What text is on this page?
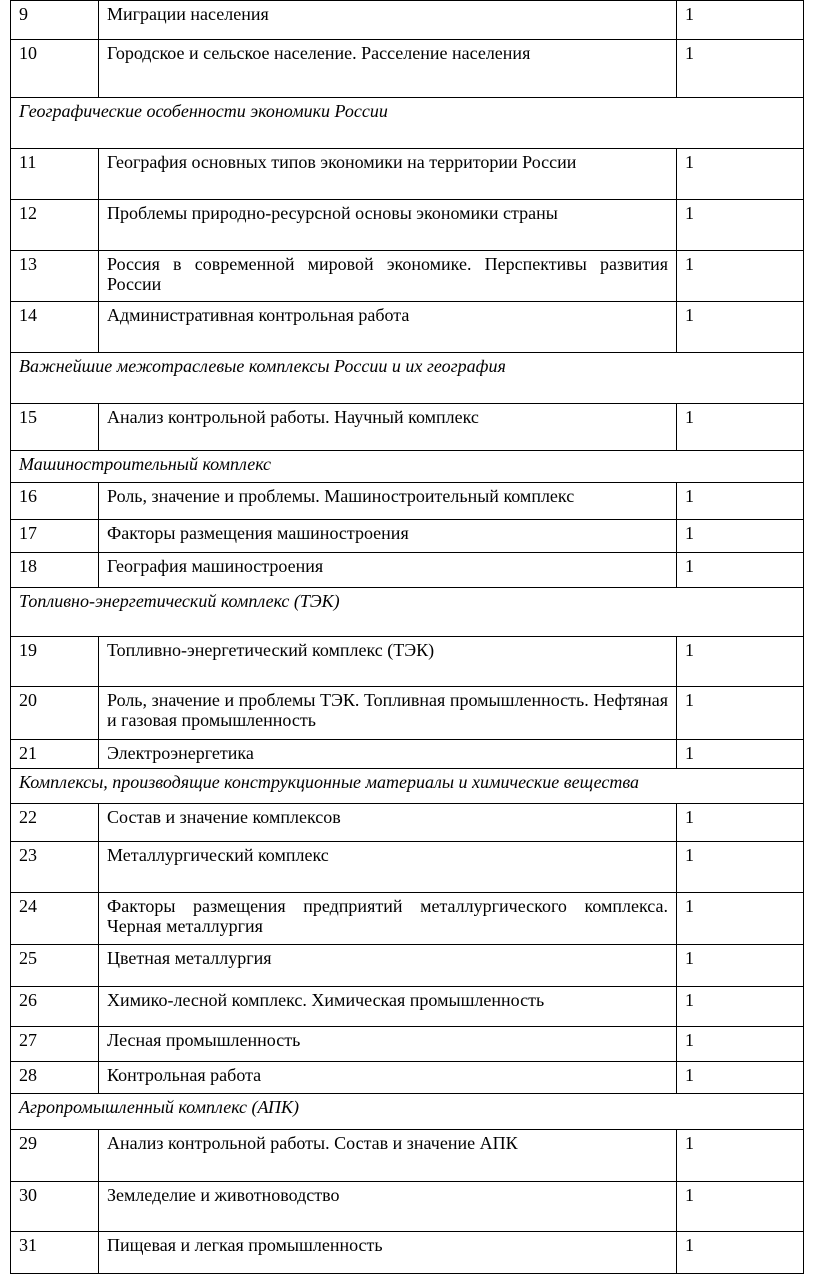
9	Миграции населения	1
10	Городское и сельское население. Расселение населения	1
Географические особенности экономики России		
11	География основных типов экономики на территории России	1
12	Проблемы природно-ресурсной основы экономики страны	1
13	Россия в современной мировой экономике. Перспективы развития России	1
14	Административная контрольная работа	1
Важнейшие межотраслевые комплексы России и их география		
15	Анализ контрольной работы. Научный комплекс	1
Машиностроительный комплекс		
16	Роль, значение и проблемы. Машиностроительный комплекс	1
17	Факторы размещения машиностроения	1
18	География машиностроения	1
Топливно-энергетический комплекс (ТЭК)		
19	Топливно-энергетический комплекс (ТЭК)	1
20	Роль, значение и проблемы ТЭК. Топливная промышленность. Нефтяная и газовая промышленность	1
21	Электроэнергетика	1
Комплексы, производящие конструкционные материалы и химические вещества		
22	Состав и значение комплексов	1
23	Металлургический комплекс	1
24	Факторы размещения предприятий металлургического комплекса. Черная металлургия	1
25	Цветная металлургия	1
26	Химико-лесной комплекс. Химическая промышленность	1
27	Лесная промышленность	1
28	Контрольная работа	1
Агропромышленный комплекс (АПК)		
29	Анализ контрольной работы. Состав и значение АПК	1
30	Земледелие и животноводство	1
31	Пищевая и легкая промышленность	1
